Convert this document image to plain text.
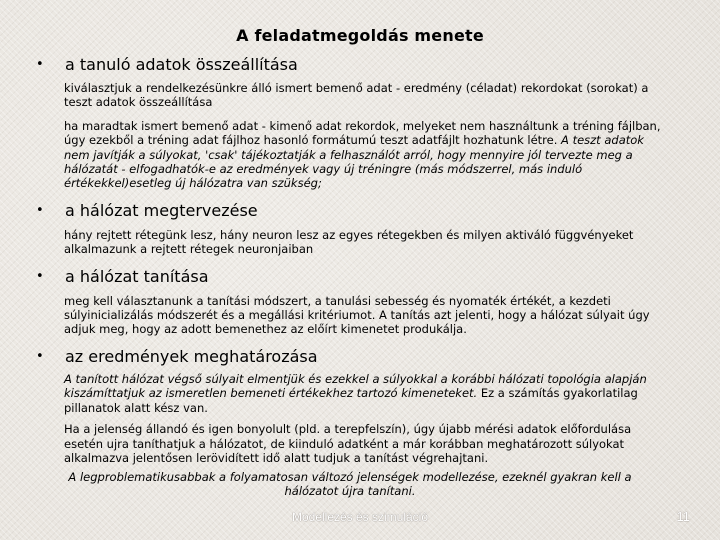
A feladatmegoldás menete
• a tanuló adatok összeállítása

kiválasztjuk a rendelkezésünkre álló ismert bemenő adat - eredmény (céladat) rekordokat (sorokat) a teszt adatok összeállítása

ha maradtak ismert bemenő adat - kimenő adat rekordok, melyeket nem használtunk a tréning fájlban, úgy ezekből a tréning adat fájlhoz hasonló formátumú teszt adatfájlt hozhatunk létre. A teszt adatok nem javítják a súlyokat, 'csak' tájékoztatják a felhasználót arról, hogy mennyire jól tervezte meg a hálózatát - elfogadhatók-e az eredmények vagy új tréningre (más módszerrel, más induló értékekkel)esetleg új hálózatra van szükség;

• a hálózat megtervezése

hány rejtett rétegünk lesz, hány neuron lesz az egyes rétegekben és milyen aktiváló függvényeket alkalmazunk a rejtett rétegek neuronjaiban

• a hálózat tanítása

meg kell választanunk a tanítási módszert, a tanulási sebesség és nyomaték értékét, a kezdeti súlyinicializálás módszerét és a megállási kritériumot. A tanítás azt jelenti, hogy a hálózat súlyait úgy adjuk meg, hogy az adott bemenethez az előírt kimenetet produkálja.

• az eredmények meghatározása

A tanított hálózat végső súlyait elmentjük és ezekkel a súlyokkal a korábbi hálózati topológia alapján kiszámíttatjuk az ismeretlen bemeneti értékekhez tartozó kimeneteket. Ez a számítás gyakorlatilag pillanatok alatt kész van.

Ha a jelenség állandó és igen bonyolult (pld. a terepfelszín), úgy újabb mérési adatok előfordulása esetén ujra taníthatjuk a hálózatot, de kiinduló adatként a már korábban meghatározott súlyokat alkalmazva jelentősen lerövidített idő alatt tudjuk a tanítást végrehajtani.

A legproblematikusabbak a folyamatosan változó jelenségek modellezése, ezeknél gyakran kell a hálózatot újra tanítani.

Modellezés és szimuláció	11
